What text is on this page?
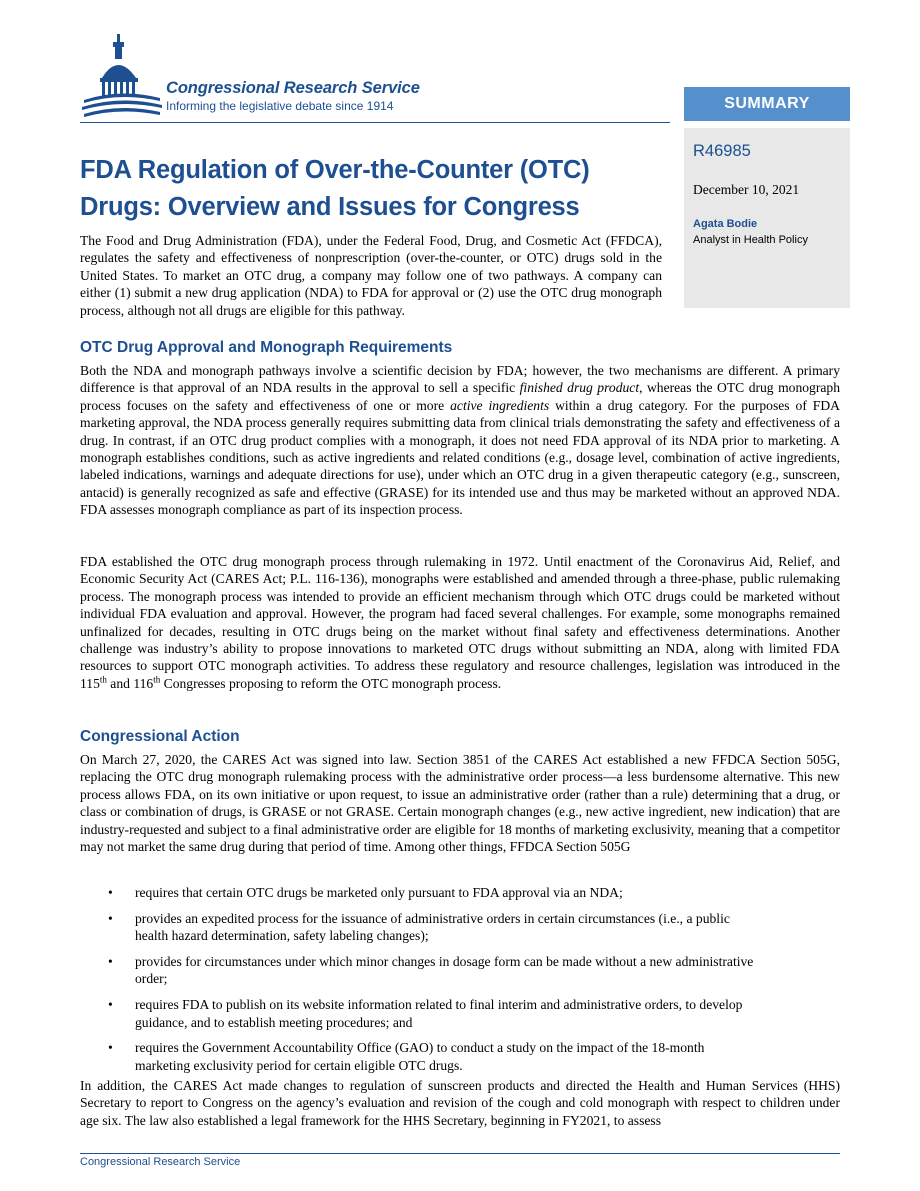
Congressional Research Service
Informing the legislative debate since 1914	SUMMARY
R46985
December 10, 2021
Agata Bodie
Analyst in Health Policy
FDA Regulation of Over-the-Counter (OTC) Drugs: Overview and Issues for Congress

The Food and Drug Administration (FDA), under the Federal Food, Drug, and Cosmetic Act (FFDCA), regulates the safety and effectiveness of nonprescription (over-the-counter, or OTC) drugs sold in the United States. To market an OTC drug, a company may follow one of two pathways. A company can either (1) submit a new drug application (NDA) to FDA for approval or (2) use the OTC drug monograph process, although not all drugs are eligible for this pathway.

OTC Drug Approval and Monograph Requirements

Both the NDA and monograph pathways involve a scientific decision by FDA; however, the two mechanisms are different. A primary difference is that approval of an NDA results in the approval to sell a specific finished drug product, whereas the OTC drug monograph process focuses on the safety and effectiveness of one or more active ingredients within a drug category. For the purposes of FDA marketing approval, the NDA process generally requires submitting data from clinical trials demonstrating the safety and effectiveness of a drug. In contrast, if an OTC drug product complies with a monograph, it does not need FDA approval of its NDA prior to marketing. A monograph establishes conditions, such as active ingredients and related conditions (e.g., dosage level, combination of active ingredients, labeled indications, warnings and adequate directions for use), under which an OTC drug in a given therapeutic category (e.g., sunscreen, antacid) is generally recognized as safe and effective (GRASE) for its intended use and thus may be marketed without an approved NDA. FDA assesses monograph compliance as part of its inspection process.

FDA established the OTC drug monograph process through rulemaking in 1972. Until enactment of the Coronavirus Aid, Relief, and Economic Security Act (CARES Act; P.L. 116-136), monographs were established and amended through a three-phase, public rulemaking process. The monograph process was intended to provide an efficient mechanism through which OTC drugs could be marketed without individual FDA evaluation and approval. However, the program had faced several challenges. For example, some monographs remained unfinalized for decades, resulting in OTC drugs being on the market without final safety and effectiveness determinations. Another challenge was industry’s ability to propose innovations to marketed OTC drugs without submitting an NDA, along with limited FDA resources to support OTC monograph activities. To address these regulatory and resource challenges, legislation was introduced in the 115th and 116th Congresses proposing to reform the OTC monograph process.

Congressional Action

On March 27, 2020, the CARES Act was signed into law. Section 3851 of the CARES Act established a new FFDCA Section 505G, replacing the OTC drug monograph rulemaking process with the administrative order process—a less burdensome alternative. This new process allows FDA, on its own initiative or upon request, to issue an administrative order (rather than a rule) determining that a drug, or class or combination of drugs, is GRASE or not GRASE. Certain monograph changes (e.g., new active ingredient, new indication) that are industry-requested and subject to a final administrative order are eligible for 18 months of marketing exclusivity, meaning that a competitor may not market the same drug during that period of time. Among other things, FFDCA Section 505G

• requires that certain OTC drugs be marketed only pursuant to FDA approval via an NDA;
• provides an expedited process for the issuance of administrative orders in certain circumstances (i.e., a public health hazard determination, safety labeling changes);
• provides for circumstances under which minor changes in dosage form can be made without a new administrative order;
• requires FDA to publish on its website information related to final interim and administrative orders, to develop guidance, and to establish meeting procedures; and
• requires the Government Accountability Office (GAO) to conduct a study on the impact of the 18-month marketing exclusivity period for certain eligible OTC drugs.

In addition, the CARES Act made changes to regulation of sunscreen products and directed the Health and Human Services (HHS) Secretary to report to Congress on the agency’s evaluation and revision of the cough and cold monograph with respect to children under age six. The law also established a legal framework for the HHS Secretary, beginning in FY2021, to assess

Congressional Research Service
